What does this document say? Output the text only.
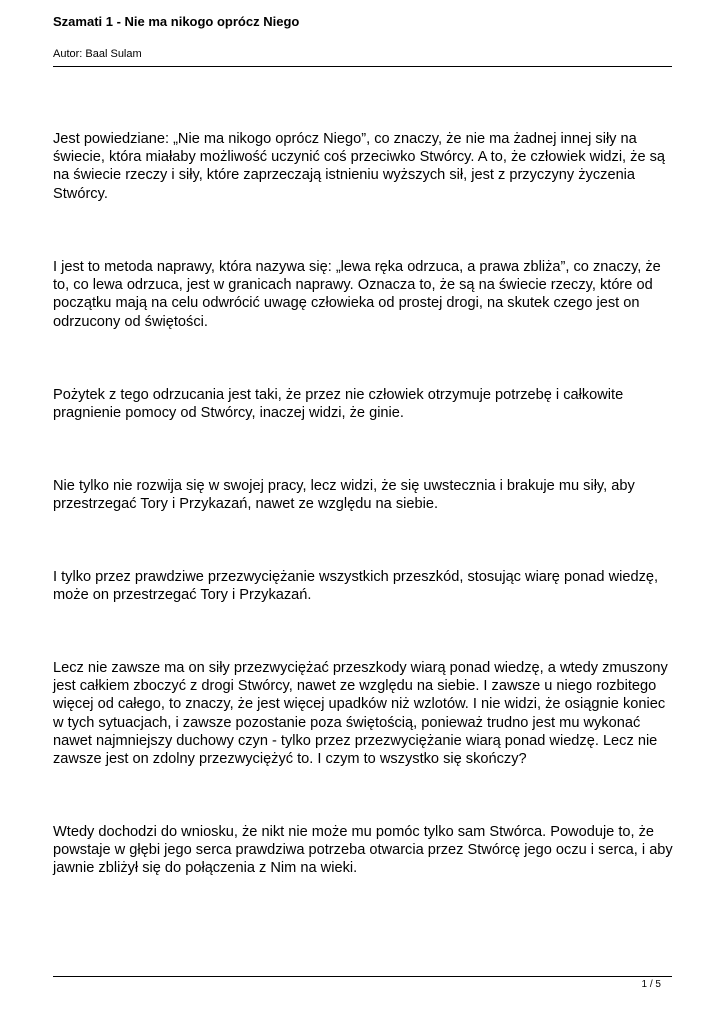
Szamati 1 - Nie ma nikogo oprócz Niego
Autor: Baal Sulam

Jest powiedziane: „Nie ma nikogo oprócz Niego”, co znaczy, że nie ma żadnej innej siły na świecie, która miałaby możliwość uczynić coś przeciwko Stwórcy. A to, że człowiek widzi, że są na świecie rzeczy i siły, które zaprzeczają istnieniu wyższych sił, jest z przyczyny życzenia Stwórcy.

I jest to metoda naprawy, która nazywa się: „lewa ręka odrzuca, a prawa zbliża”, co znaczy, że to, co lewa odrzuca, jest w granicach naprawy. Oznacza to, że są na świecie rzeczy, które od początku mają na celu odwrócić uwagę człowieka od prostej drogi, na skutek czego jest on odrzucony od świętości.

Pożytek z tego odrzucania jest taki, że przez nie człowiek otrzymuje potrzebę i całkowite pragnienie pomocy od Stwórcy, inaczej widzi, że ginie.

Nie tylko nie rozwija się w swojej pracy, lecz widzi, że się uwstecznia i brakuje mu siły, aby przestrzegać Tory i Przykazań, nawet ze względu na siebie.

I tylko przez prawdziwe przezwyciężanie wszystkich przeszkód, stosując wiarę ponad wiedzę, może on przestrzegać Tory i Przykazań.

Lecz nie zawsze ma on siły przezwyciężać przeszkody wiarą ponad wiedzę, a wtedy zmuszony jest całkiem zboczyć z drogi Stwórcy, nawet ze względu na siebie. I zawsze u niego rozbitego więcej od całego, to znaczy, że jest więcej upadków niż wzlotów. I nie widzi, że osiągnie koniec w tych sytuacjach, i zawsze pozostanie poza świętością, ponieważ trudno jest mu wykonać nawet najmniejszy duchowy czyn - tylko przez przezwyciężanie wiarą ponad wiedzę. Lecz nie zawsze jest on zdolny przezwyciężyć to. I czym to wszystko się skończy?

Wtedy dochodzi do wniosku, że nikt nie może mu pomóc tylko sam Stwórca. Powoduje to, że powstaje w głębi jego serca prawdziwa potrzeba otwarcia przez Stwórcę jego oczu i serca, i aby jawnie zbliżył się do połączenia z Nim na wieki.

1 / 5
